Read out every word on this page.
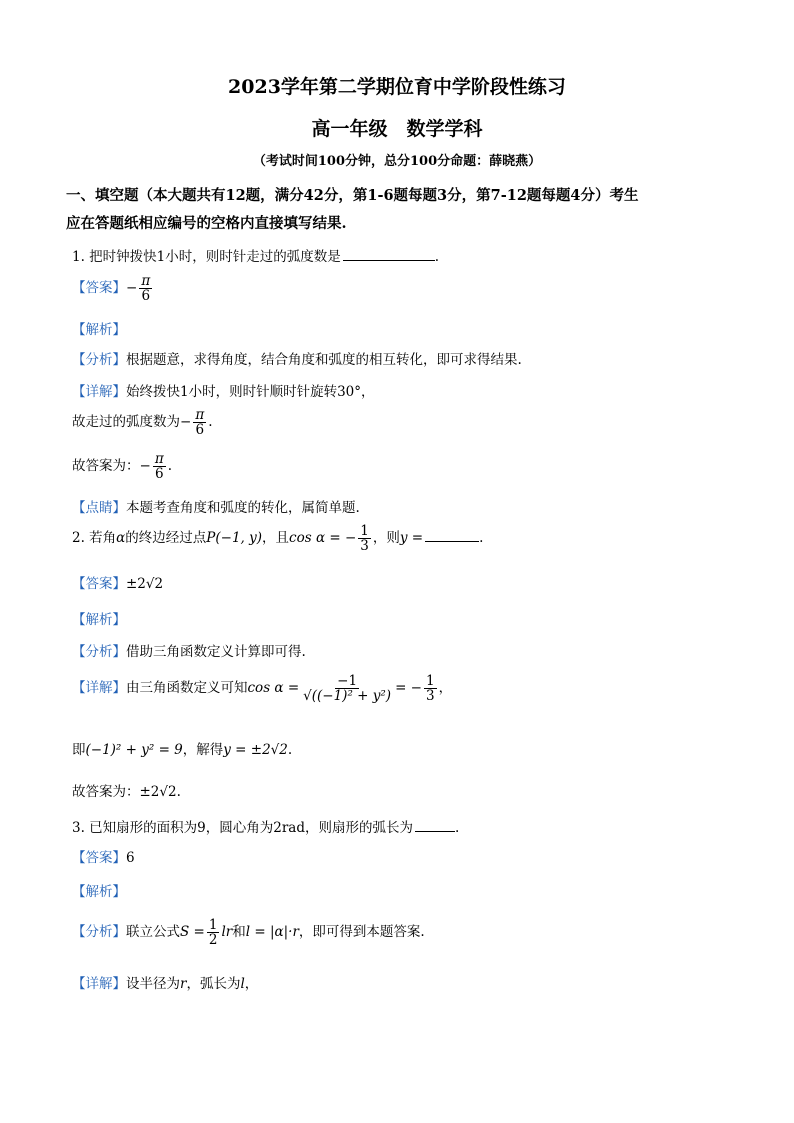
2023学年第二学期位育中学阶段性练习
高一年级　数学学科
（考试时间100分钟，总分100分命题：薛晓燕）
一、填空题（本大题共有12题，满分42分，第1-6题每题3分，第7-12题每题4分）考生
应在答题纸相应编号的空格内直接填写结果.
1. 把时钟拨快1小时，则时针走过的弧度数是	.
【答案】− $\frac{\pi}{6}$
【解析】
【分析】根据题意，求得角度，结合角度和弧度的相互转化，即可求得结果.
【详解】始终拨快1小时，则时针顺时针旋转30°，
故走过的弧度数为− $\frac{\pi}{6}$ .
故答案为：− $\frac{\pi}{6}$ .
【点睛】本题考查角度和弧度的转化，属简单题.
2. 若角α的终边经过点P(−1, y)，且cos α = − $\frac{1}{3}$ ，则y =	.
【答案】±2√2
【解析】
【分析】借助三角函数定义计算即可得.
【详解】由三角函数定义可知$\cos \alpha = \frac{-1}{\text{√((−1)² + y²)}}$ = − $\frac{1}{3}$ ，
即(−1)² + y² = 9，解得y = ±2√2.
故答案为：±2√2.
3. 已知扇形的面积为9，圆心角为2rad，则扇形的弧长为	.
【答案】6
【解析】
【分析】联立公式$S = \frac{1}{2}$ lr和l = |α|·r，即可得到本题答案.
【详解】设半径为r，弧长为l，
